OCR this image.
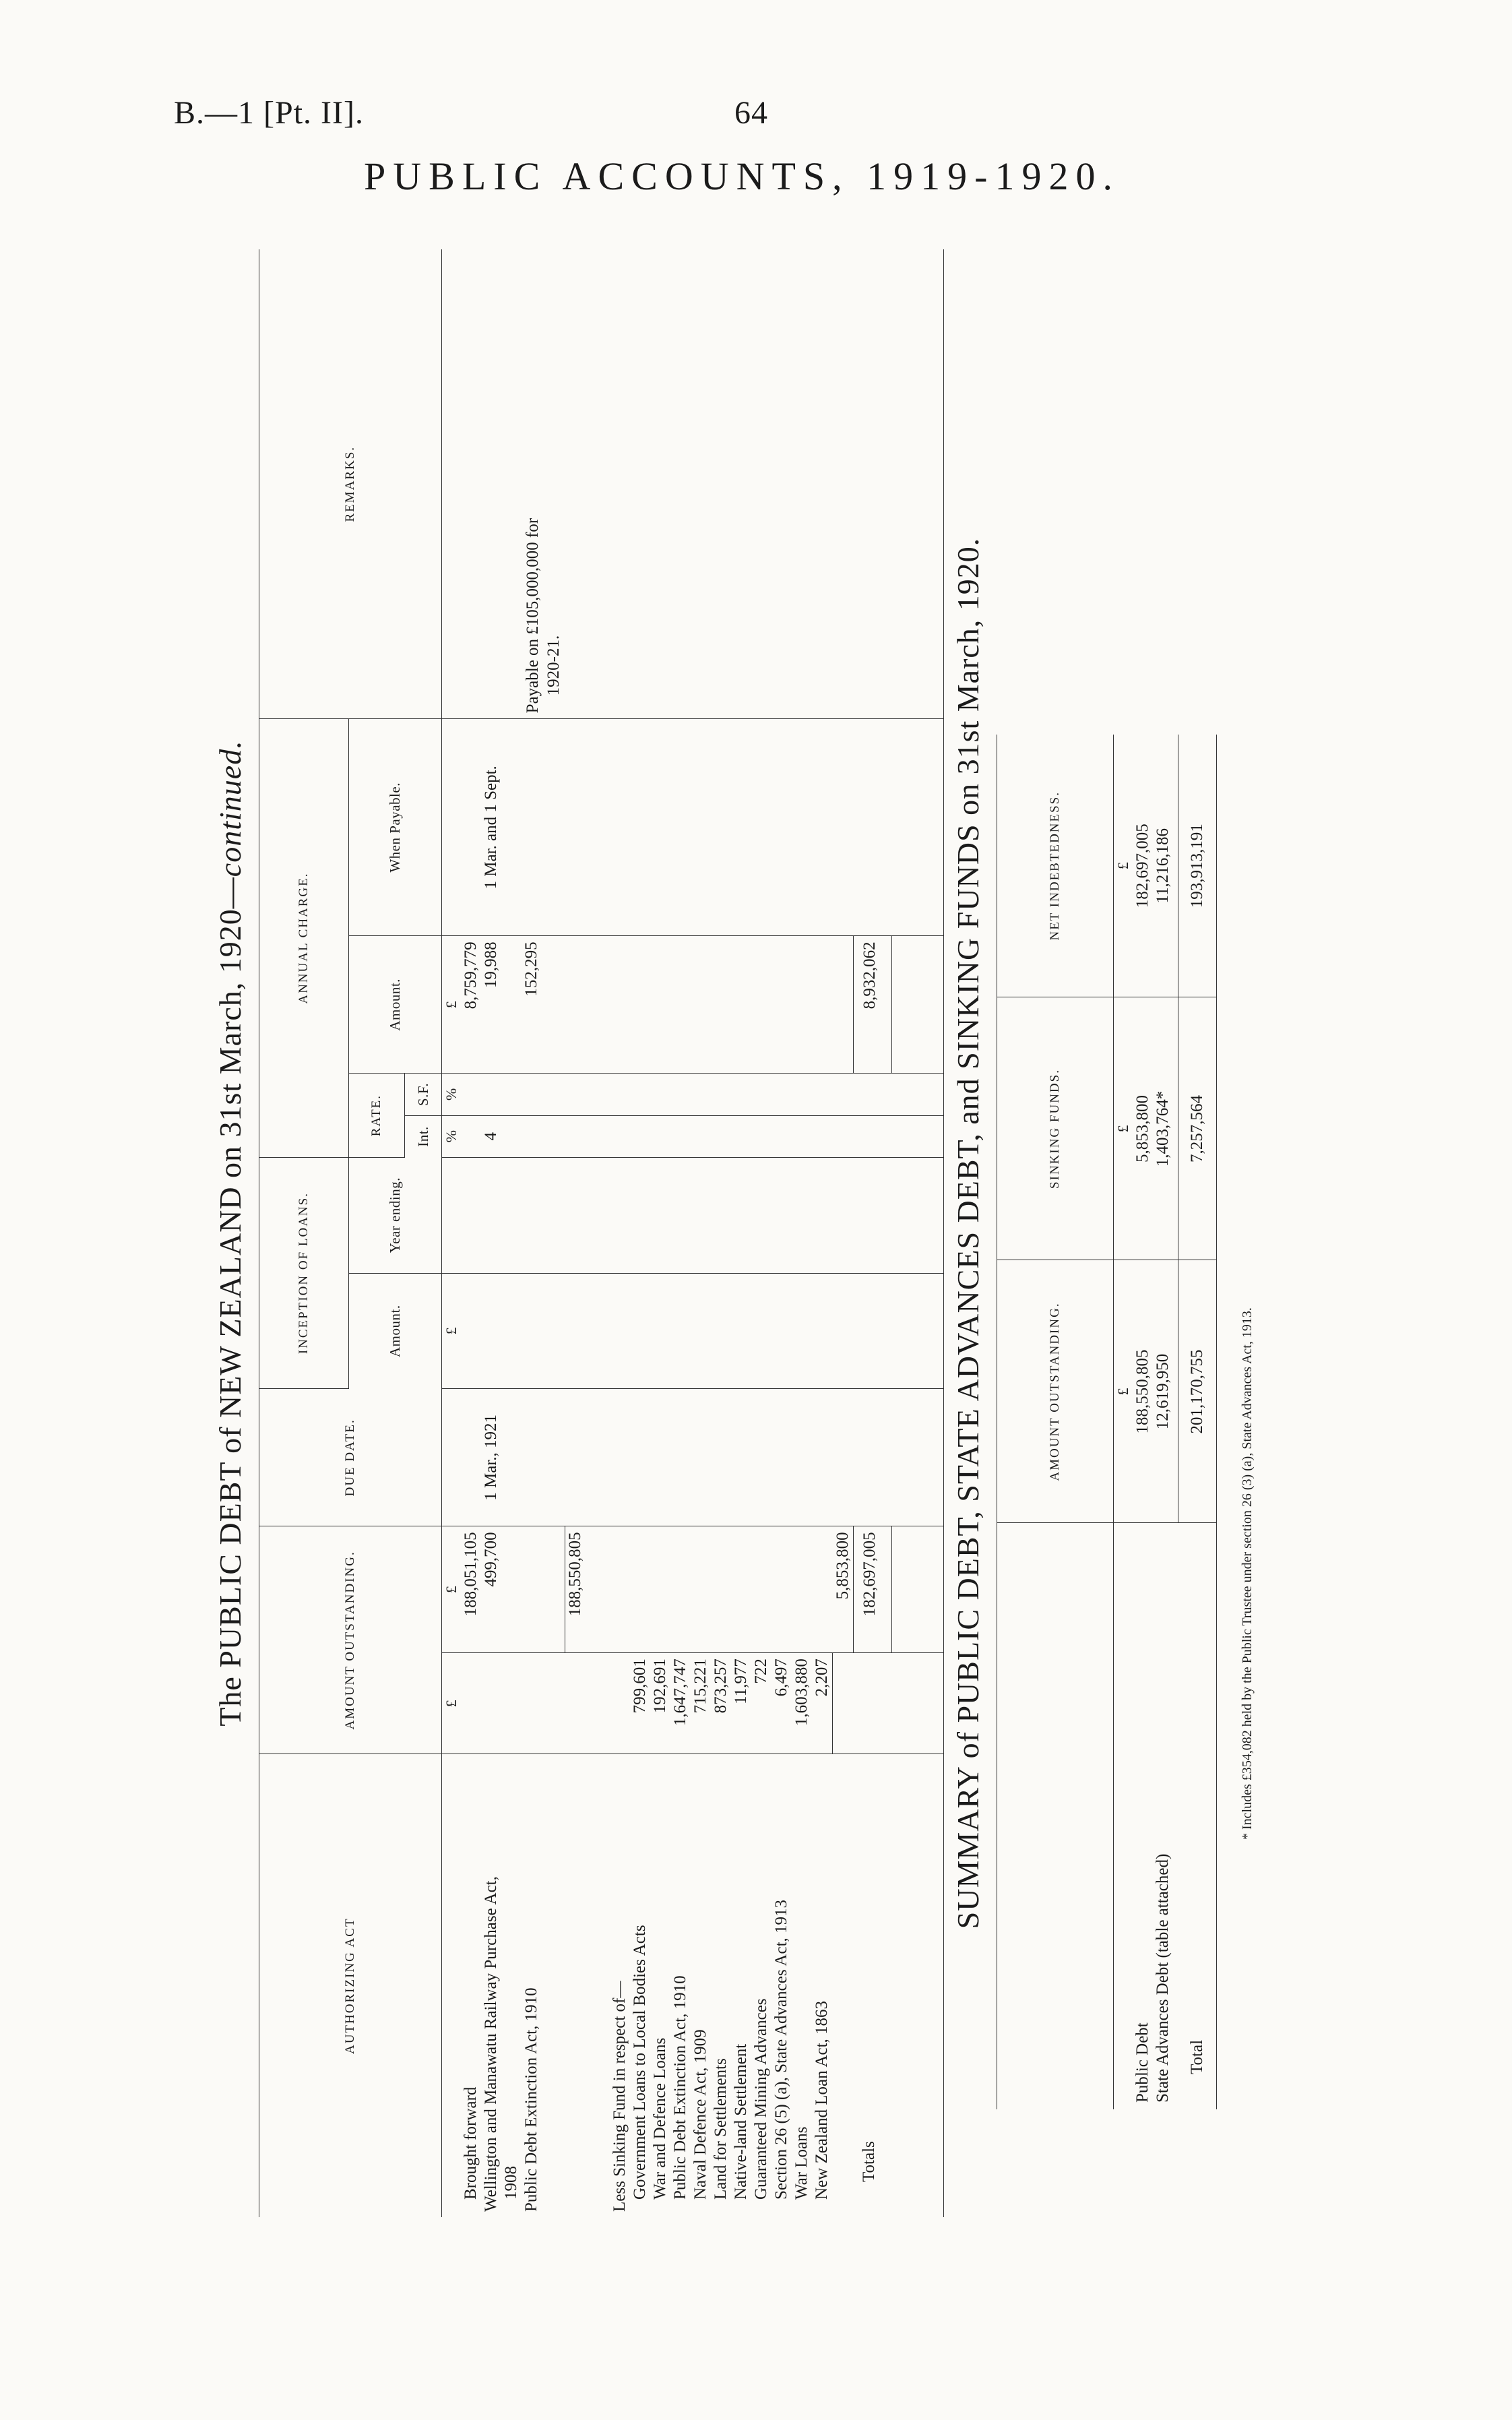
B.—1 [Pt. II].	64
PUBLIC ACCOUNTS, 1919-1920.
The PUBLIC DEBT of NEW ZEALAND on 31st March, 1920—continued.
AUTHORIZING ACT	AMOUNT OUTSTANDING.		DUE DATE.	INCEPTION OF LOANS.		ANNUAL CHARGE.				REMARKS.
				Amount.	Year ending.	RATE.		Amount.	When Payable.	
						Int.	S.F.			
	£	£		£		%	%	£		
Brought forward		188,051,105						8,759,779		
Wellington and Manawatu Railway Purchase Act,		499,700	1 Mar., 1921			4		19,988	1 Mar. and 1 Sept.	
1908										
Public Debt Extinction Act, 1910								152,295		Payable on £105,000,000 for 1920-21.

		188,550,805								

Less Sinking Fund in respect of—										
Government Loans to Local Bodies Acts	799,601									
War and Defence Loans	192,691									
Public Debt Extinction Act, 1910	1,647,747									
Naval Defence Act, 1909	715,221									
Land for Settlements	873,257									
Native-land Settlement	11,977									
Guaranteed Mining Advances	722									
Section 26 (5) (a), State Advances Act, 1913	6,497									
War Loans	1,603,880									
New Zealand Loan Act, 1863	2,207									
		5,853,800								
Totals		182,697,005						8,932,062		
											SUMMARY of PUBLIC DEBT, STATE ADVANCES DEBT, and SINKING FUNDS on 31st March, 1920.
		AMOUNT OUTSTANDING.	SINKING FUNDS.	NET INDEBTEDNESS.
	£	£	£
Public Debt	188,550,805	5,853,800	182,697,005
State Advances Debt (table attached)	12,619,950	1,403,764*	11,216,186
Total	201,170,755	7,257,564	193,913,191
* Includes £354,082 held by the Public Trustee under section 26 (3) (a), State Advances Act, 1913.
